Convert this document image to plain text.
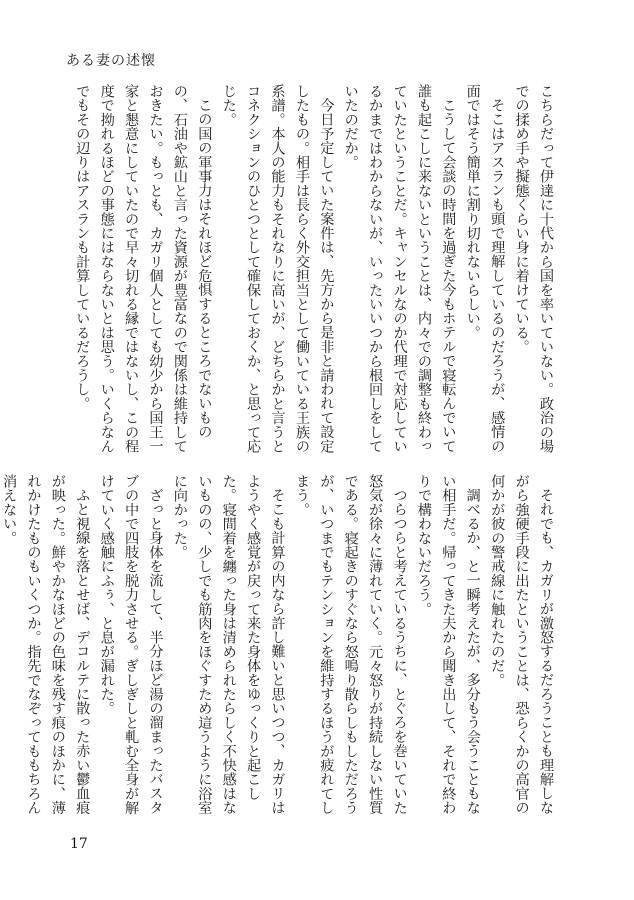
ある妻の述懐

こちらだって伊達に十代から国を率いていない。政治の場での揉め手や擬態くらい身に着けている。

そこはアスランも頭で理解しているのだろうが、感情の面ではそう簡単に割り切れないらしい。

こうして会談の時間を過ぎた今もホテルで寝転んでいて誰も起こしに来ないということは、内々での調整も終わっていたということだ。キャンセルなのか代理で対応しているかまではわからないが、いったいいつから根回しをしていたのだか。

今日予定していた案件は、先方から是非と請われて設定したもの。相手は長らく外交担当として働いている王族の系譜。本人の能力もそれなりに高いが、どちらかと言うとコネクションのひとつとして確保しておくか、と思って応じた。

この国の軍事力はそれほど危惧するところでないものの、石油や鉱山と言った資源が豊富なので関係は維持しておきたい。もっとも、カガリ個人としても幼少から国王一家と懇意にしていたので早々切れる縁ではないし、この程度で拗れるほどの事態にはならないとは思う。いくらなんでもその辺りはアスランも計算しているだろうし。

それでも、カガリが激怒するだろうことも理解しながら強硬手段に出たということは、恐らくかの高官の何かが彼の警戒線に触れたのだ。

調べるか、と一瞬考えたが、多分もう会うこともない相手だ。帰ってきた夫から聞き出して、それで終わりで構わないだろう。

つらつらと考えているうちに、とぐろを巻いていた怒気が徐々に薄れていく。元々怒りが持続しない性質である。寝起きのすぐなら怒鳴り散らしもしただろうが、いつまでもテンションを維持するほうが疲れてしまう。

そこも計算の内なら許し難いと思いつつ、カガリはようやく感覚が戻って来た身体をゆっくりと起こした。寝間着を纏った身は清められたらしく不快感はないものの、少しでも筋肉をほぐすため這うように浴室に向かった。

ざっと身体を流して、半分ほど湯の溜まったバスタブの中で四肢を脱力させる。ぎしぎしと軋む全身が解けていく感触にふぅ、と息が漏れた。

ふと視線を落とせば、デコルテに散った赤い鬱血痕が映った。鮮やかなほどの色味を残す痕のほかに、薄れかけたものもいくつか。指先でなぞってももちろん消えない。

17
